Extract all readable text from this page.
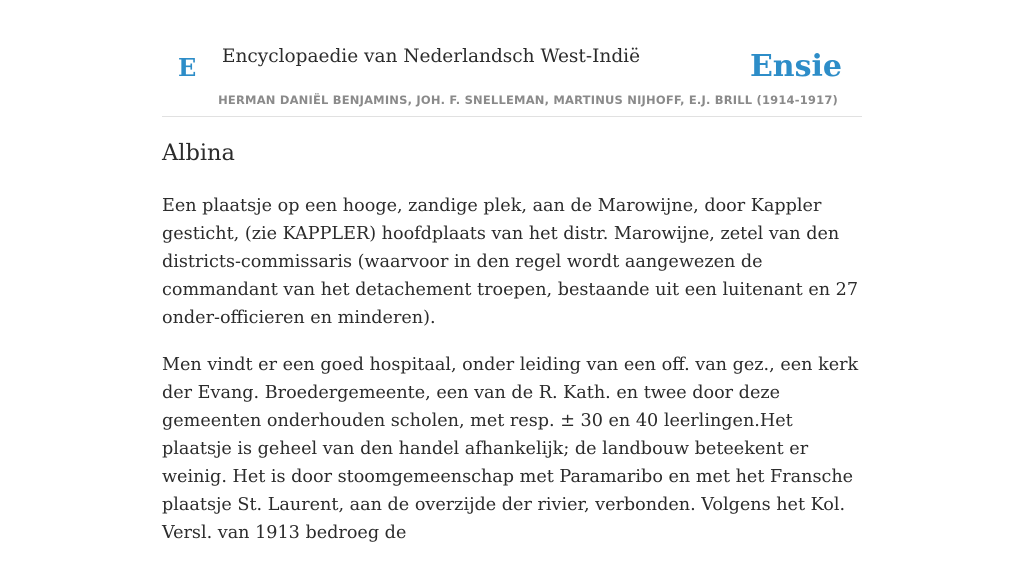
E Encyclopaedie van Nederlandsch West-Indië	Ensie
HERMAN DANIËL BENJAMINS, JOH. F. SNELLEMAN, MARTINUS NIJHOFF, E.J. BRILL (1914-1917)
Albina

Een plaatsje op een hooge, zandige plek, aan de Marowijne, door Kappler gesticht, (zie KAPPLER) hoofdplaats van het distr. Marowijne, zetel van den districts-commissaris (waarvoor in den regel wordt aangewezen de commandant van het detachement troepen, bestaande uit een luitenant en 27 onder-officieren en minderen).

Men vindt er een goed hospitaal, onder leiding van een off. van gez., een kerk der Evang. Broedergemeente, een van de R. Kath. en twee door deze gemeenten onderhouden scholen, met resp. ± 30 en 40 leerlingen.Het plaatsje is geheel van den handel afhankelijk; de landbouw beteekent er weinig. Het is door stoomgemeenschap met Paramaribo en met het Fransche plaatsje St. Laurent, aan de overzijde der rivier, verbonden. Volgens het Kol. Versl. van 1913 bedroeg de
